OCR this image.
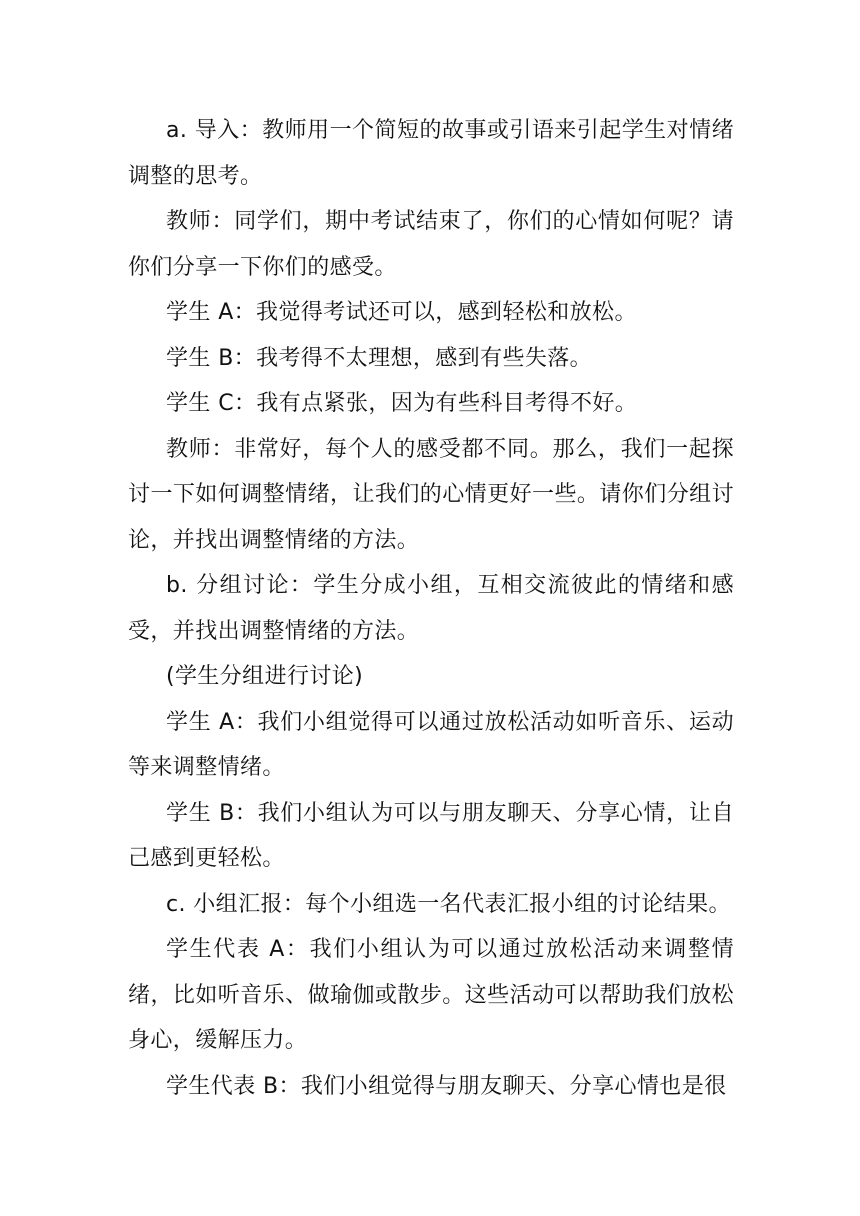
a. 导入：教师用一个简短的故事或引语来引起学生对情绪调整的思考。

教师：同学们，期中考试结束了，你们的心情如何呢？请你们分享一下你们的感受。

学生 A：我觉得考试还可以，感到轻松和放松。

学生 B：我考得不太理想，感到有些失落。

学生 C：我有点紧张，因为有些科目考得不好。

教师：非常好，每个人的感受都不同。那么，我们一起探讨一下如何调整情绪，让我们的心情更好一些。请你们分组讨论，并找出调整情绪的方法。

b. 分组讨论：学生分成小组，互相交流彼此的情绪和感受，并找出调整情绪的方法。

(学生分组进行讨论)

学生 A：我们小组觉得可以通过放松活动如听音乐、运动等来调整情绪。

学生 B：我们小组认为可以与朋友聊天、分享心情，让自己感到更轻松。

c. 小组汇报：每个小组选一名代表汇报小组的讨论结果。

学生代表 A：我们小组认为可以通过放松活动来调整情绪，比如听音乐、做瑜伽或散步。这些活动可以帮助我们放松身心，缓解压力。

学生代表 B：我们小组觉得与朋友聊天、分享心情也是很
